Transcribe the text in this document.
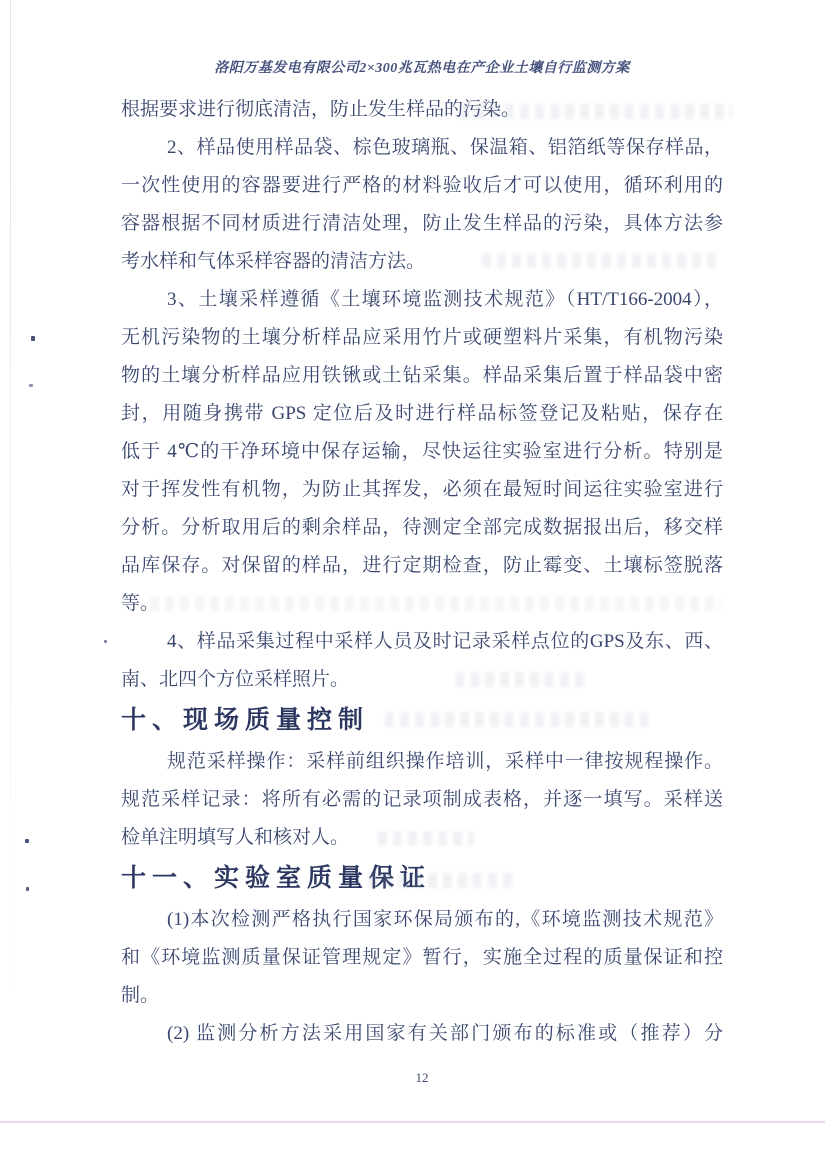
洛阳万基发电有限公司2×300兆瓦热电在产企业土壤自行监测方案
根据要求进行彻底清洁，防止发生样品的污染。
2、样品使用样品袋、棕色玻璃瓶、保温箱、铝箔纸等保存样品，
一次性使用的容器要进行严格的材料验收后才可以使用，循环利用的
容器根据不同材质进行清洁处理，防止发生样品的污染，具体方法参
考水样和气体采样容器的清洁方法。
3、土壤采样遵循《土壤环境监测技术规范》（HT/T166-2004），
无机污染物的土壤分析样品应采用竹片或硬塑料片采集，有机物污染
物的土壤分析样品应用铁锹或土钻采集。样品采集后置于样品袋中密
封，用随身携带 GPS 定位后及时进行样品标签登记及粘贴，保存在
低于 4℃的干净环境中保存运输，尽快运往实验室进行分析。特别是
对于挥发性有机物，为防止其挥发，必须在最短时间运往实验室进行
分析。分析取用后的剩余样品，待测定全部完成数据报出后，移交样
品库保存。对保留的样品，进行定期检查，防止霉变、土壤标签脱落
等。
4、样品采集过程中采样人员及时记录采样点位的GPS及东、西、
南、北四个方位采样照片。
十、现场质量控制
规范采样操作：采样前组织操作培训，采样中一律按规程操作。
规范采样记录：将所有必需的记录项制成表格，并逐一填写。采样送
检单注明填写人和核对人。
十一、实验室质量保证
(1)本次检测严格执行国家环保局颁布的,《环境监测技术规范》
和《环境监测质量保证管理规定》暂行，实施全过程的质量保证和控
制。
(2) 监测分析方法采用国家有关部门颁布的标准或（推荐）分
12
